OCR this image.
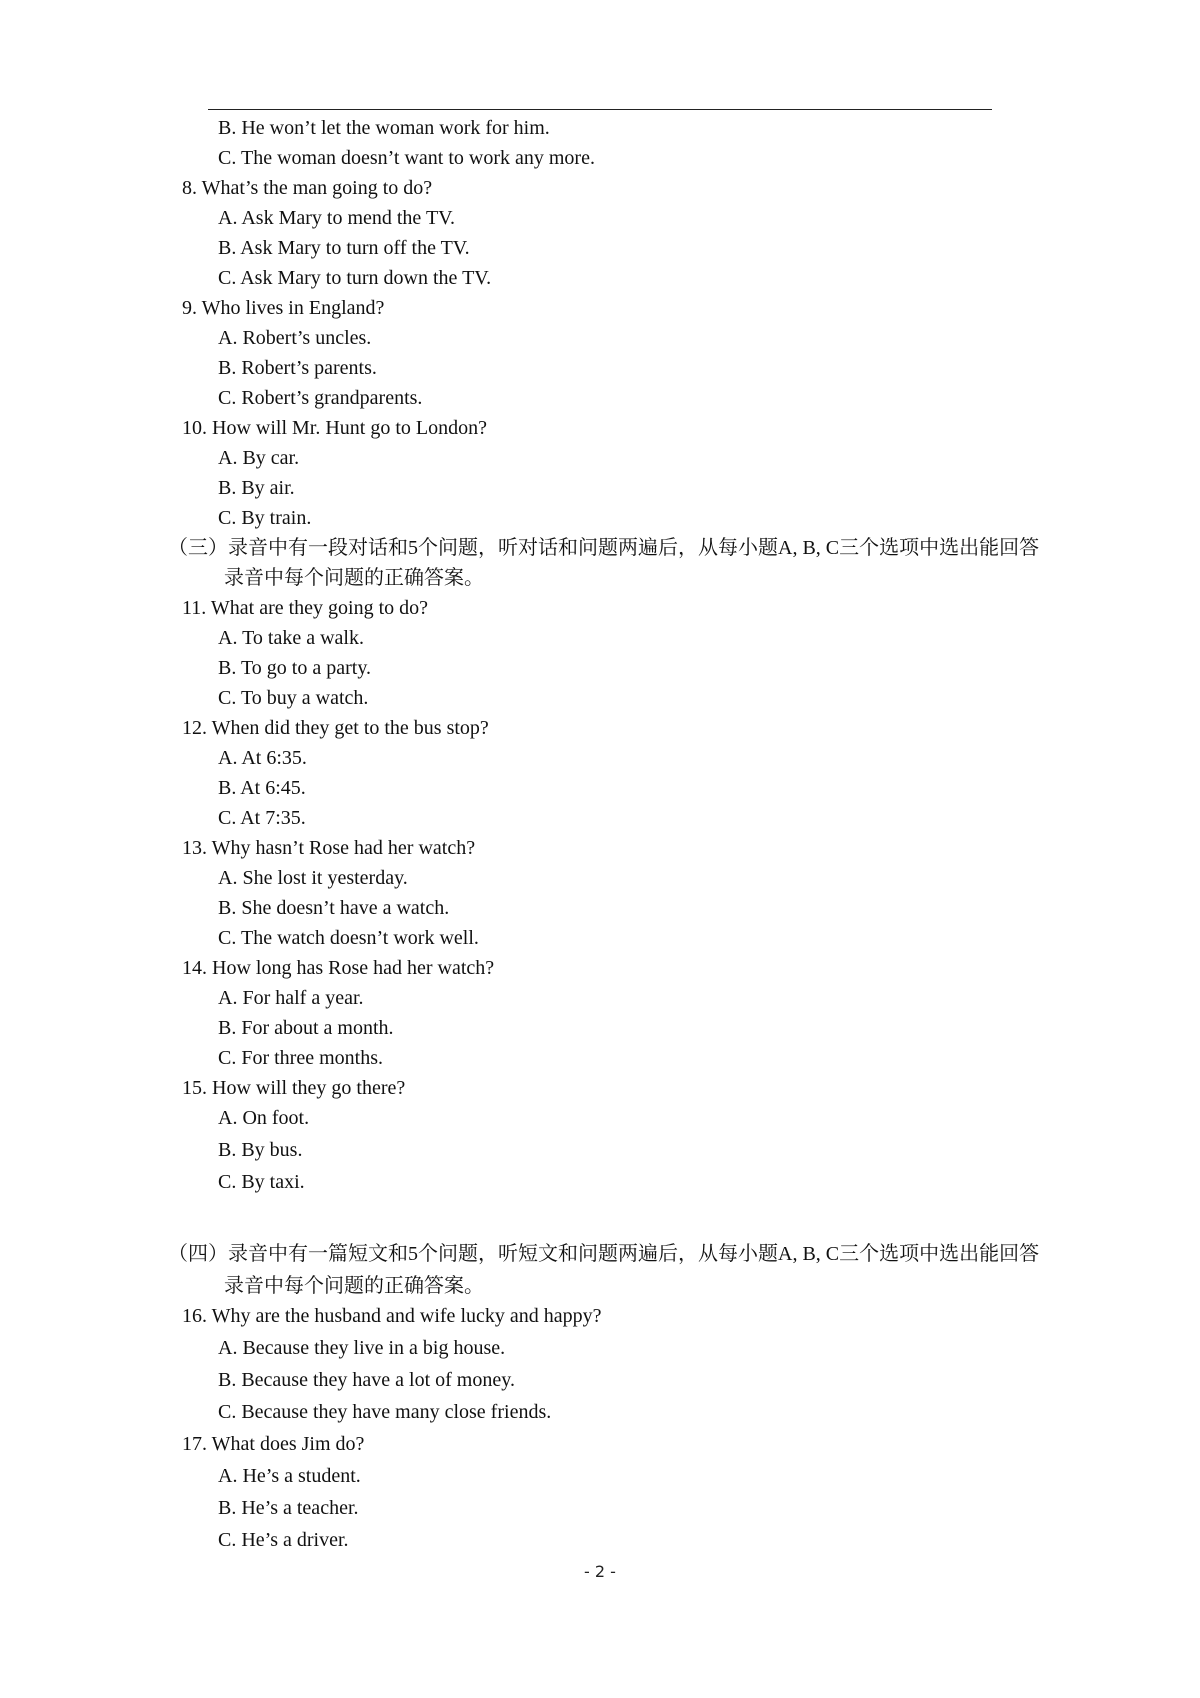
B. He won’t let the woman work for him.
C. The woman doesn’t want to work any more.
8. What’s the man going to do?
A. Ask Mary to mend the TV.
B. Ask Mary to turn off the TV.
C. Ask Mary to turn down the TV.
9. Who lives in England?
A. Robert’s uncles.
B. Robert’s parents.
C. Robert’s grandparents.
10. How will Mr. Hunt go to London?
A. By car.
B. By air.
C. By train.
（三）录音中有一段对话和5个问题，听对话和问题两遍后，从每小题A, B, C三个选项中选出能回答
录音中每个问题的正确答案。
11. What are they going to do?
A. To take a walk.
B. To go to a party.
C. To buy a watch.
12. When did they get to the bus stop?
A. At 6:35.
B. At 6:45.
C. At 7:35.
13. Why hasn’t Rose had her watch?
A. She lost it yesterday.
B. She doesn’t have a watch.
C. The watch doesn’t work well.
14. How long has Rose had her watch?
A. For half a year.
B. For about a month.
C. For three months.
15. How will they go there?
A. On foot.
B. By bus.
C. By taxi.
（四）录音中有一篇短文和5个问题，听短文和问题两遍后，从每小题A, B, C三个选项中选出能回答
录音中每个问题的正确答案。
16. Why are the husband and wife lucky and happy?
A. Because they live in a big house.
B. Because they have a lot of money.
C. Because they have many close friends.
17. What does Jim do?
A. He’s a student.
B. He’s a teacher.
C. He’s a driver.
- 2 -
